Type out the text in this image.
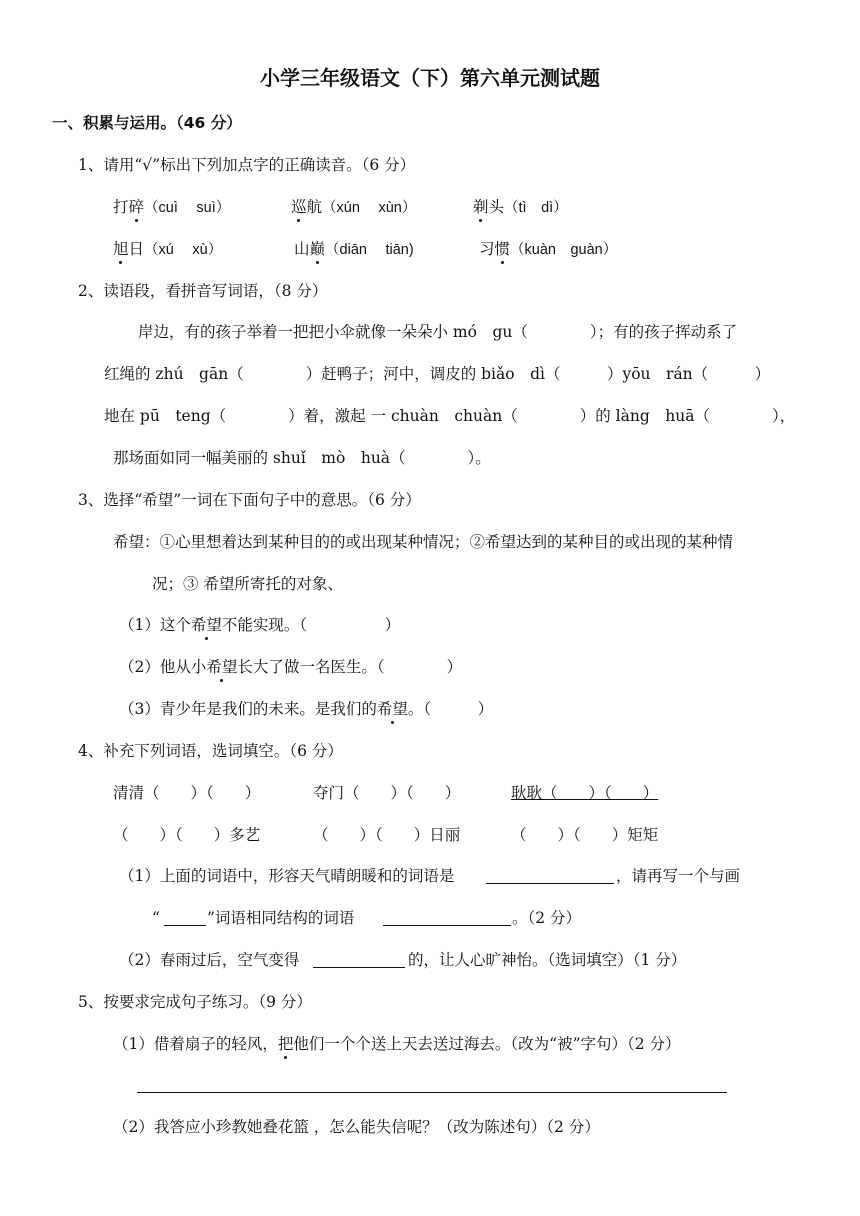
小学三年级语文（下）第六单元测试题
一、积累与运用。（46 分）
1、请用“√”标出下列加点字的正确读音。（6 分）
打碎（cuì　 suì）	巡航（xún　 xùn）	剃头（tì　dì）
旭日（xú　 xù）	山巅（diān　 tiān)	习惯（kuàn　guàn）
2、读语段，看拼音写词语，（8 分）
岸边，有的孩子举着一把把小伞就像一朵朵小 mó　gu（　　　　）；有的孩子挥动系了
红绳的 zhú　gān（　　　　）赶鸭子；河中，调皮的 biǎo　dì（　　　）yōu　rán（　　　）
地在 pū　teng（　　　　）着，激起 一 chuàn　chuàn（　　　　）的 làng　huā（　　　　），
那场面如同一幅美丽的 shuǐ　mò　huà（　　　　）。
3、选择“希望”一词在下面句子中的意思。（6 分）
希望：①心里想着达到某种目的的或出现某种情况；②希望达到的某种目的或出现的某种情
况；③ 希望所寄托的对象、
（1）这个希望不能实现。（　　　　　）
（2）他从小希望长大了做一名医生。（　　　　）
（3）青少年是我们的未来。是我们的希望。（　　　）
4、补充下列词语，选词填空。（6 分）
清清（　　）（　　）	夺门（　　）（　　）	耿耿（　　）（　　）
（　　）（　　）多艺	（　　）（　　）日丽	（　　）（　　）矩矩
（1）上面的词语中，形容天气晴朗暖和的词语是	，请再写一个与画
“	”词语相同结构的词语	。（2 分）
（2）春雨过后，空气变得	的，让人心旷神怡。（选词填空）（1 分）
5、按要求完成句子练习。（9 分）
（1）借着扇子的轻风，把他们一个个送上天去送过海去。（改为“被”字句）（2 分）
（2）我答应小珍教她叠花篮 ，怎么能失信呢？（改为陈述句）（2 分）
